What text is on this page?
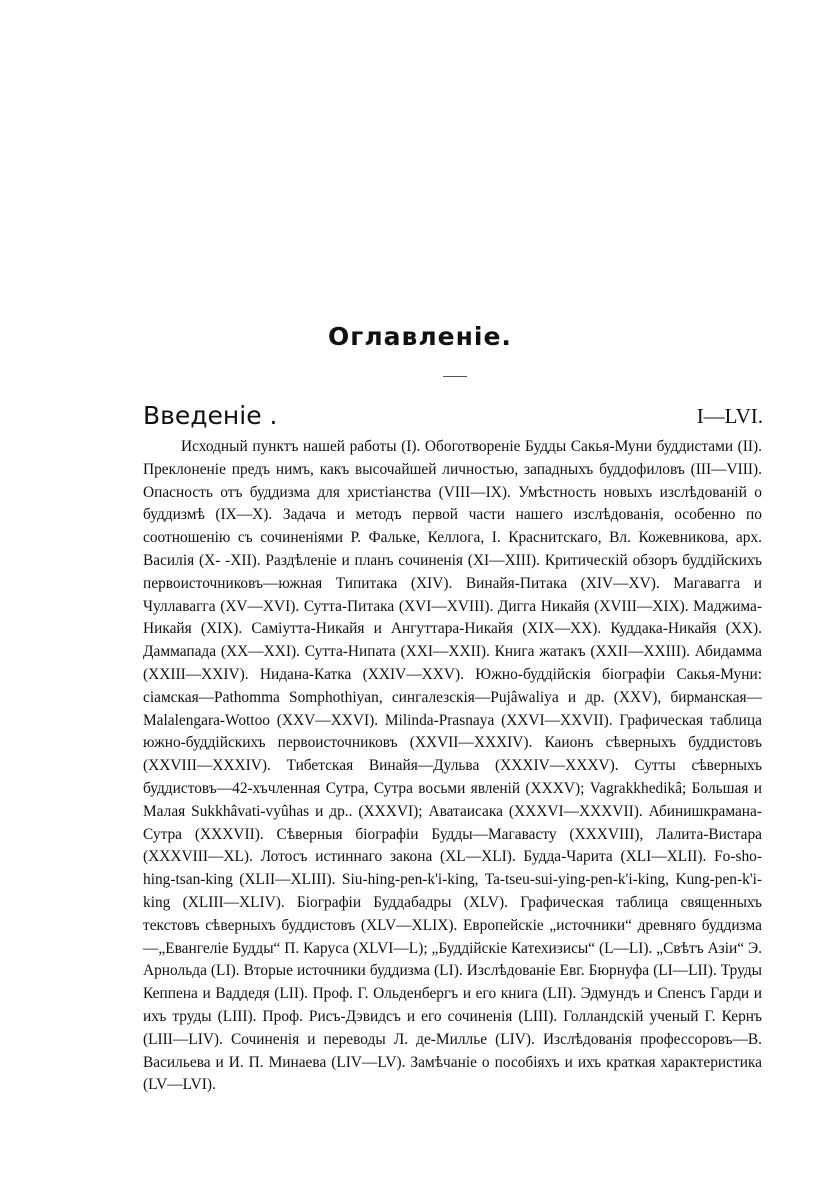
Оглавленіе.
Введеніе .	I—LVI.

Исходный пунктъ нашей работы (I). Обоготвореніе Будды Сакья-Муни буддистами (II). Преклоненіе предъ нимъ, какъ высочайшей личностью, западныхъ буддофиловъ (III—VIII). Опасность отъ буддизма для христіанства (VIII—IX). Умѣстность новыхъ изслѣдованій о буддизмѣ (IX—X). Задача и методъ первой части нашего изслѣдованія, особенно по соотношенію съ сочиненіями Р. Фальке, Келлога, І. Краснитскаго, Вл. Кожевникова, арх. Василія (X- -XII). Раздѣленіе и планъ сочиненія (XI—XIII). Критическій обзоръ буддійскихъ первоисточниковъ—южная Типитака (XIV). Винайя-Питака (XIV—XV). Магавагга и Чуллавагга (XV—XVI). Сутта-Питака (XVI—XVIII). Дигга Никайя (XVIII—XIX). Маджима-Никайя (XIX). Саміутта-Никайя и Ангуттара-Никайя (XIX—XX). Куддака-Никайя (XX). Даммапада (XX—XXI). Сутта-Нипата (XXI—XXII). Книга жатакъ (XXII—XXIII). Абидамма (XXIII—XXIV). Нидана-Катка (XXIV—XXV). Южно-буддійскія біографіи Сакья-Муни: сіамская—Pathomma Somphothiyan, сингалезскія—Pujâwaliya и др. (XXV), бирманская—Malalengara-Wottoo (XXV—XXVI). Milinda-Prasnaya (XXVI—XXVII). Графическая таблица южно-буддійскихъ первоисточниковъ (XXVII—XXXIV). Каионъ сѣверныхъ буддистовъ (XXVIII—XXXIV). Тибетская Винайя—Дульва (XXXIV—XXXV). Сутты сѣверныхъ буддистовъ—42-хъчленная Сутра, Сутра восьми явленій (XXXV); Vagrakkhedikâ; Большая и Малая Sukkhâvati-vyûhas и др.. (XXXVI); Аватаисака (XXXVI—XXXVII). Абинишкрамана-Сутра (XXXVII). Сѣверныя біографіи Будды—Магавасту (XXXVIII), Лалита-Вистара (XXXVIII—XL). Лотосъ истиннаго закона (XL—XLI). Будда-Чарита (XLI—XLII). Fo-sho-hing-tsan-king (XLII—XLIII). Siu-hing-pen-k'i-king, Ta-tseu-sui-ying-pen-k'i-king, Kung-pen-k'i-king (XLIII—XLIV). Біографіи Буддабадры (XLV). Графическая таблица священныхъ текстовъ сѣверныхъ буддистовъ (XLV—XLIX). Европейскіе „источники“ древняго буддизма—„Евангеліе Будды“ П. Каруса (XLVI—L); „Буддійскіе Катехизисы“ (L—LI). „Свѣтъ Азіи“ Э. Арнольда (LI). Вторые источники буддизма (LI). Изслѣдованіе Евг. Бюрнуфа (LI—LII). Труды Кеппена и Ваддедя (LII). Проф. Г. Ольденбергъ и его книга (LII). Эдмундъ и Спенсъ Гарди и ихъ труды (LIII). Проф. Рисъ-Дэвидсъ и его сочиненія (LIII). Голландскій ученый Г. Кернъ (LIII—LIV). Сочиненія и переводы Л. де-Миллье (LIV). Изслѣдованія профессоровъ—В. Васильева и И. П. Минаева (LIV—LV). Замѣчаніе о пособіяхъ и ихъ краткая характеристика (LV—LVI).
